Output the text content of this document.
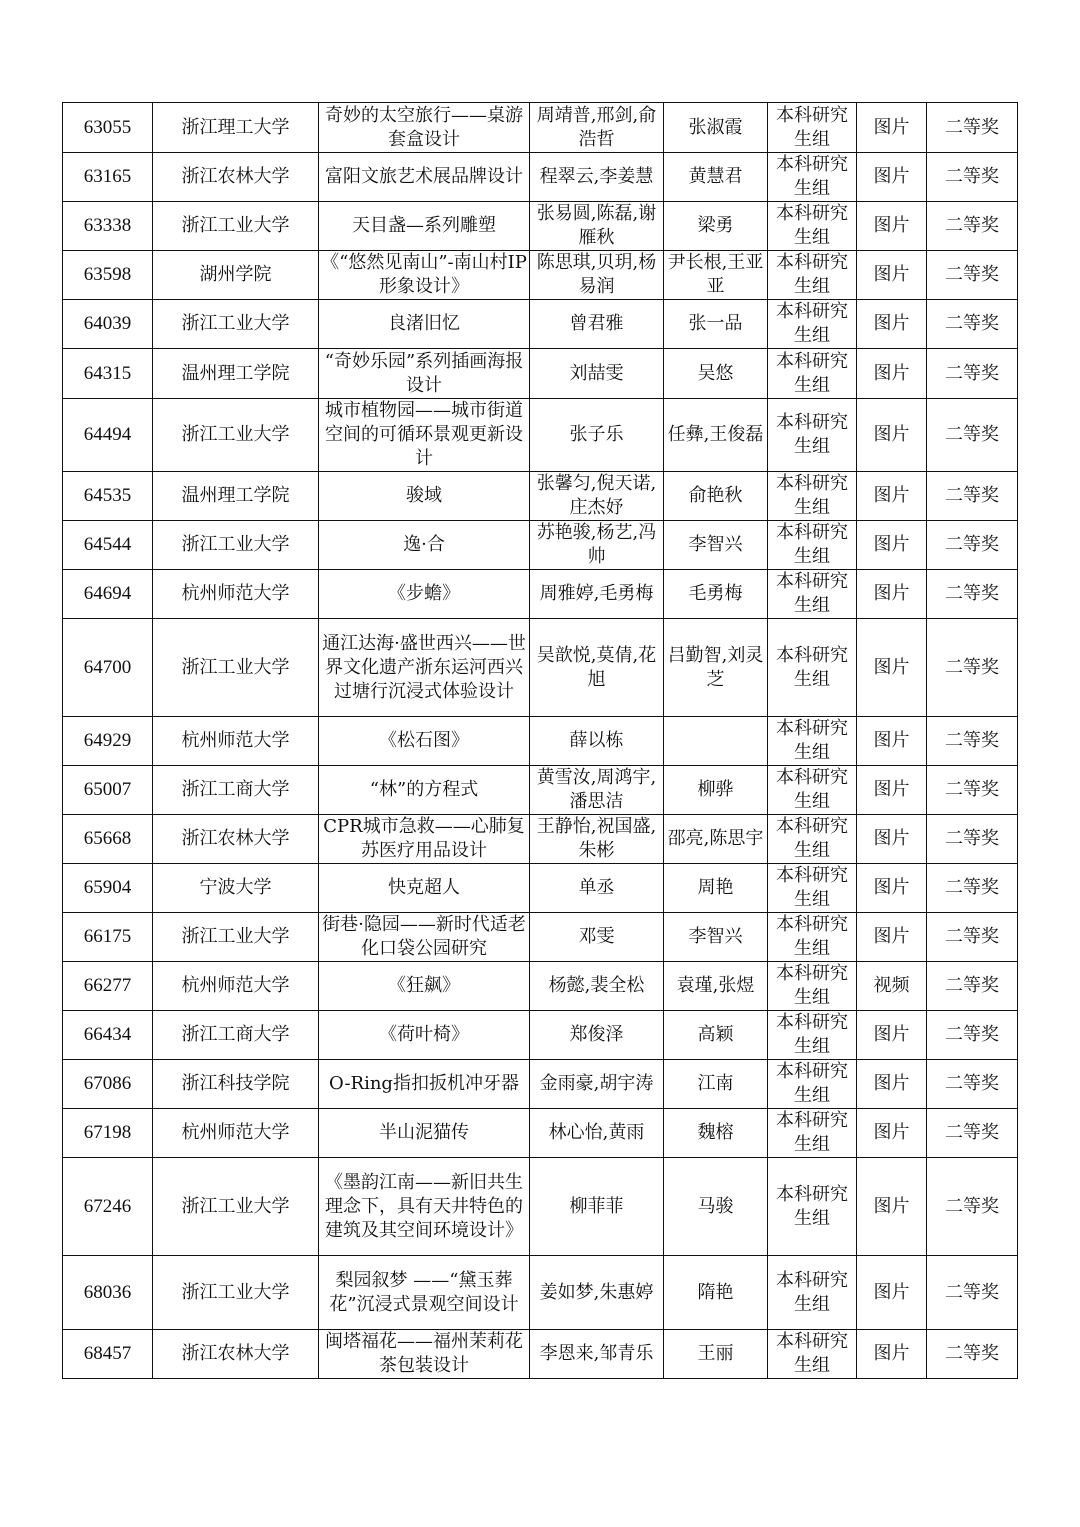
63055	浙江理工大学	奇妙的太空旅行——桌游套盒设计	周靖普,邢剑,俞浩哲	张淑霞	本科研究生组	图片	二等奖
63165	浙江农林大学	富阳文旅艺术展品牌设计	程翠云,李姜慧	黄慧君	本科研究生组	图片	二等奖
63338	浙江工业大学	天目盏—系列雕塑	张易圆,陈磊,谢雁秋	梁勇	本科研究生组	图片	二等奖
63598	湖州学院	《“悠然见南山”-南山村IP形象设计》	陈思琪,贝玥,杨易润	尹长根,王亚亚	本科研究生组	图片	二等奖
64039	浙江工业大学	良渚旧忆	曾君雅	张一品	本科研究生组	图片	二等奖
64315	温州理工学院	“奇妙乐园”系列插画海报设计	刘喆雯	吴悠	本科研究生组	图片	二等奖
64494	浙江工业大学	城市植物园——城市街道空间的可循环景观更新设计	张子乐	任彝,王俊磊	本科研究生组	图片	二等奖
64535	温州理工学院	骏域	张馨匀,倪天诺,庄杰妤	俞艳秋	本科研究生组	图片	二等奖
64544	浙江工业大学	逸·合	苏艳骏,杨艺,冯帅	李智兴	本科研究生组	图片	二等奖
64694	杭州师范大学	《步蟾》	周雅婷,毛勇梅	毛勇梅	本科研究生组	图片	二等奖
64700	浙江工业大学	通江达海·盛世西兴——世界文化遗产浙东运河西兴过塘行沉浸式体验设计	吴歆悦,莫倩,花旭	吕勤智,刘灵芝	本科研究生组	图片	二等奖
64929	杭州师范大学	《松石图》	薛以栋		本科研究生组	图片	二等奖
65007	浙江工商大学	“林”的方程式	黄雪汝,周鸿宇,潘思洁	柳骅	本科研究生组	图片	二等奖
65668	浙江农林大学	CPR城市急救——心肺复苏医疗用品设计	王静怡,祝国盛,朱彬	邵亮,陈思宇	本科研究生组	图片	二等奖
65904	宁波大学	快克超人	单丞	周艳	本科研究生组	图片	二等奖
66175	浙江工业大学	街巷·隐园——新时代适老化口袋公园研究	邓雯	李智兴	本科研究生组	图片	二等奖
66277	杭州师范大学	《狂飙》	杨懿,裴全松	袁瑾,张煜	本科研究生组	视频	二等奖
66434	浙江工商大学	《荷叶椅》	郑俊泽	高颖	本科研究生组	图片	二等奖
67086	浙江科技学院	O-Ring指扣扳机冲牙器	金雨豪,胡宇涛	江南	本科研究生组	图片	二等奖
67198	杭州师范大学	半山泥猫传	林心怡,黄雨	魏榕	本科研究生组	图片	二等奖
67246	浙江工业大学	《墨韵江南——新旧共生理念下，具有天井特色的建筑及其空间环境设计》	柳菲菲	马骏	本科研究生组	图片	二等奖
68036	浙江工业大学	梨园叙梦 ——“黛玉葬花”沉浸式景观空间设计	姜如梦,朱惠婷	隋艳	本科研究生组	图片	二等奖
68457	浙江农林大学	闽塔福花——福州茉莉花茶包装设计	李恩来,邹青乐	王丽	本科研究生组	图片	二等奖
